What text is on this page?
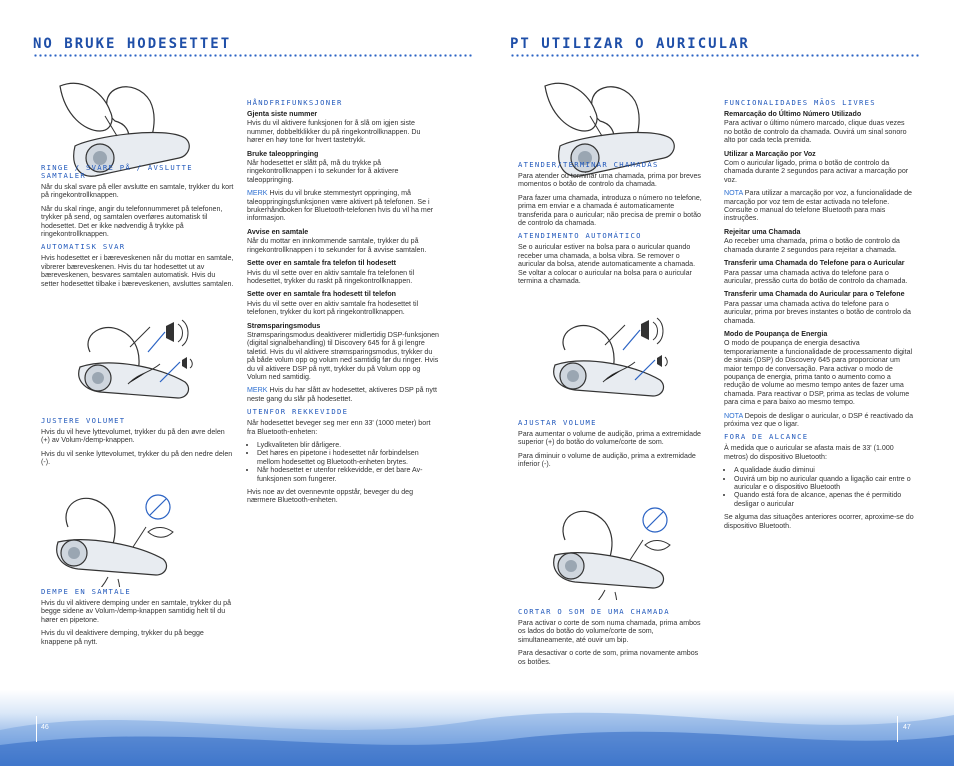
NO BRUKE HODESETTET
RINGE / SVARE PÅ / AVSLUTTE SAMTALER

Når du skal svare på eller avslutte en samtale, trykker du kort på ringekontrollknappen.

Når du skal ringe, angir du telefonnummeret på telefonen, trykker på send, og samtalen overføres automatisk til hodesettet. Det er ikke nødvendig å trykke på ringekontrollknappen.

AUTOMATISK SVAR

Hvis hodesettet er i bæreveskenen når du mottar en samtale, vibrerer bæreveskenen. Hvis du tar hodesettet ut av bæreveskenen, besvares samtalen automatisk. Hvis du setter hodesettet tilbake i bæreveskenen, avsluttes samtalen.

JUSTERE VOLUMET

Hvis du vil heve lyttevolumet, trykker du på den øvre delen (+) av Volum-/demp-knappen.

Hvis du vil senke lyttevolumet, trykker du på den nedre delen (-).

DEMPE EN SAMTALE

Hvis du vil aktivere demping under en samtale, trykker du på begge sidene av Volum-/demp-knappen samtidig helt til du hører en pipetone.

Hvis du vil deaktivere demping, trykker du på begge knappene på nytt.

HÅNDFRIFUNKSJONER
Gjenta siste nummer

Hvis du vil aktivere funksjonen for å slå om igjen siste nummer, dobbeltklikker du på ringekontrollknappen. Du hører en høy tone for hvert tastetrykk.

Bruke taleoppringing

Når hodesettet er slått på, må du trykke på ringekontrollknappen i to sekunder for å aktivere taleoppringing.

MERK Hvis du vil bruke stemmestyrt oppringing, må taleoppringingsfunksjonen være aktivert på telefonen. Se i brukerhåndboken for Bluetooth-telefonen hvis du vil ha mer informasjon.

Avvise en samtale

Når du mottar en innkommende samtale, trykker du på ringekontrollknappen i to sekunder for å avvise samtalen.

Sette over en samtale fra telefon til hodesett

Hvis du vil sette over en aktiv samtale fra telefonen til hodesettet, trykker du raskt på ringekontrollknappen.

Sette over en samtale fra hodesett til telefon

Hvis du vil sette over en aktiv samtale fra hodesettet til telefonen, trykker du kort på ringekontrollknappen.

Strømsparingsmodus

Strømsparingsmodus deaktiverer midlertidig DSP-funksjonen (digital signalbehandling) til Discovery 645 for å gi lengre taletid. Hvis du vil aktivere strømsparingsmodus, trykker du på både volum opp og volum ned samtidig før du ringer. Hvis du vil aktivere DSP på nytt, trykker du på Volum opp og Volum ned samtidig.

MERK Hvis du har slått av hodesettet, aktiveres DSP på nytt neste gang du slår på hodesettet.

UTENFOR REKKEVIDDE

Når hodesettet beveger seg mer enn 33' (1000 meter) bort fra Bluetooth-enheten:

• Lydkvaliteten blir dårligere.
• Det høres en pipetone i hodesettet når forbindelsen mellom hodesettet og Bluetooth-enheten brytes.
• Når hodesettet er utenfor rekkevidde, er det bare Av-funksjonen som fungerer.

Hvis noe av det ovennevnte oppstår, beveger du deg nærmere Bluetooth-enheten.

PT UTILIZAR O AURICULAR
ATENDER/TERMINAR CHAMADAS

Para atender ou terminar uma chamada, prima por breves momentos o botão de controlo da chamada.

Para fazer uma chamada, introduza o número no telefone, prima em enviar e a chamada é automaticamente transferida para o auricular; não precisa de premir o botão de controlo da chamada.

ATENDIMENTO AUTOMÁTICO

Se o auricular estiver na bolsa para o auricular quando receber uma chamada, a bolsa vibra. Se remover o auricular da bolsa, atende automaticamente a chamada. Se voltar a colocar o auricular na bolsa para o auricular termina a chamada.

AJUSTAR VOLUME

Para aumentar o volume de audição, prima a extremidade superior (+) do botão do volume/corte de som.

Para diminuir o volume de audição, prima a extremidade inferior (-).

CORTAR O SOM DE UMA CHAMADA

Para activar o corte de som numa chamada, prima ambos os lados do botão do volume/corte de som, simultaneamente, até ouvir um bip.

Para desactivar o corte de som, prima novamente ambos os botões.

FUNCIONALIDADES MÃOS LIVRES
Remarcação do Último Número Utilizado

Para activar o último número marcado, clique duas vezes no botão de controlo da chamada. Ouvirá um sinal sonoro alto por cada tecla premida.

Utilizar a Marcação por Voz

Com o auricular ligado, prima o botão de controlo da chamada durante 2 segundos para activar a marcação por voz.

NOTA Para utilizar a marcação por voz, a funcionalidade de marcação por voz tem de estar activada no telefone. Consulte o manual do telefone Bluetooth para mais instruções.

Rejeitar uma Chamada

Ao receber uma chamada, prima o botão de controlo da chamada durante 2 segundos para rejeitar a chamada.

Transferir uma Chamada do Telefone para o Auricular

Para passar uma chamada activa do telefone para o auricular, pressão curta do botão de controlo da chamada.

Transferir uma Chamada do Auricular para o Telefone

Para passar uma chamada activa do telefone para o auricular, prima por breves instantes o botão de controlo da chamada.

Modo de Poupança de Energia

O modo de poupança de energia desactiva temporariamente a funcionalidade de processamento digital de sinais (DSP) do Discovery 645 para proporcionar um maior tempo de conversação. Para activar o modo de poupança de energia, prima tanto o aumento como a redução de volume ao mesmo tempo antes de fazer uma chamada. Para reactivar o DSP, prima as teclas de volume para cima e para baixo ao mesmo tempo.

NOTA Depois de desligar o auricular, o DSP é reactivado da próxima vez que o ligar.

FORA DE ALCANCE

À medida que o auricular se afasta mais de 33' (1.000 metros) do dispositivo Bluetooth:

• A qualidade áudio diminui
• Ouvirá um bip no auricular quando a ligação cair entre o auricular e o dispositivo Bluetooth
• Quando está fora de alcance, apenas the é permitido desligar o auricular

Se alguma das situações anteriores ocorrer, aproxime-se do dispositivo Bluetooth.

46	47
